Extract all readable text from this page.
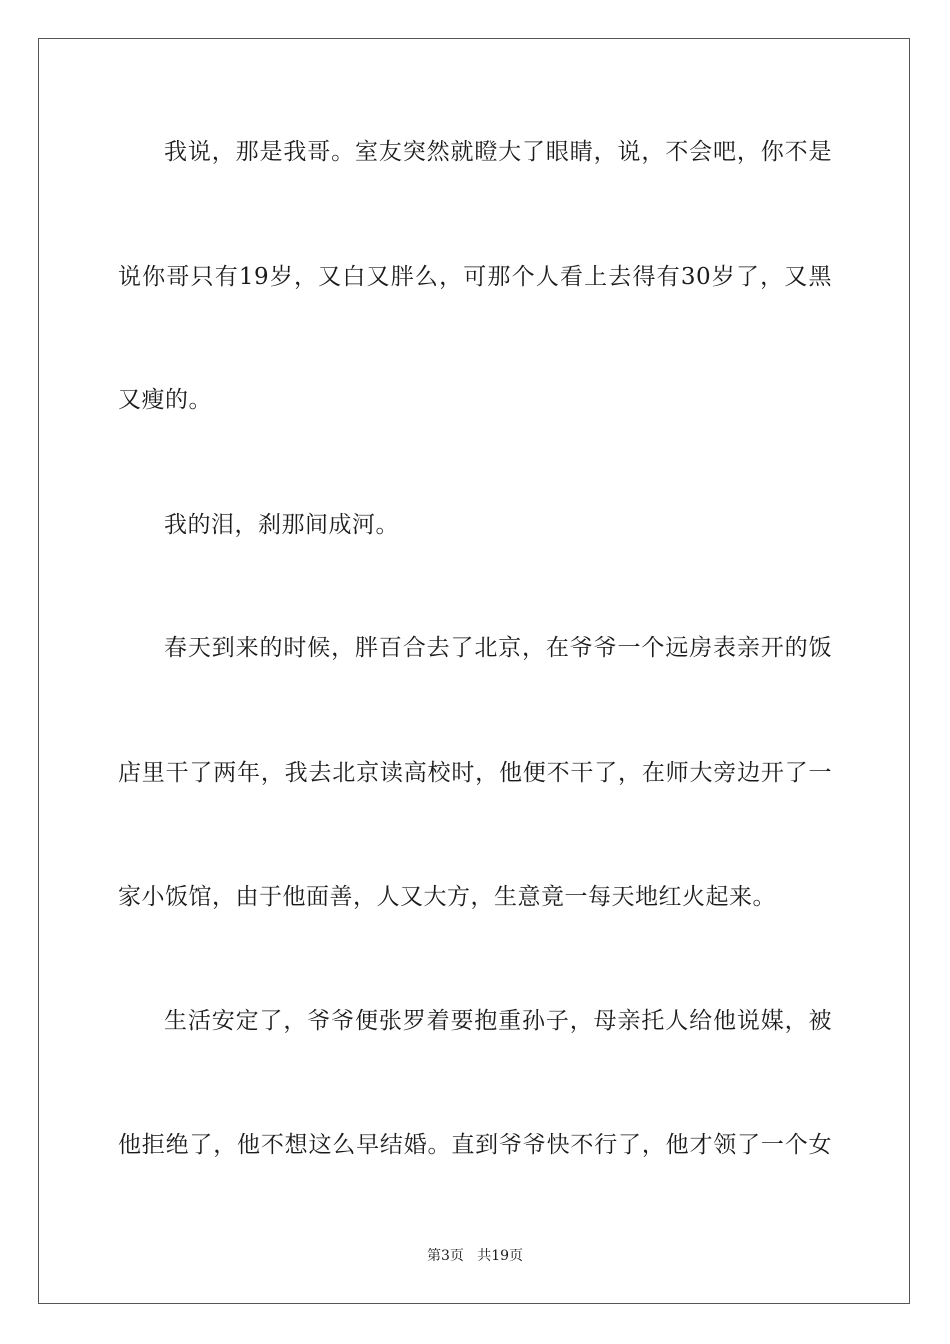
我说，那是我哥。室友突然就瞪大了眼睛，说，不会吧，你不是
说你哥只有19岁，又白又胖么，可那个人看上去得有30岁了，又黑
又瘦的。
我的泪，刹那间成河。
春天到来的时候，胖百合去了北京，在爷爷一个远房表亲开的饭
店里干了两年，我去北京读高校时，他便不干了，在师大旁边开了一
家小饭馆，由于他面善，人又大方，生意竟一每天地红火起来。
生活安定了，爷爷便张罗着要抱重孙子，母亲托人给他说媒，被
他拒绝了，他不想这么早结婚。直到爷爷快不行了，他才领了一个女
第3页   共19页
